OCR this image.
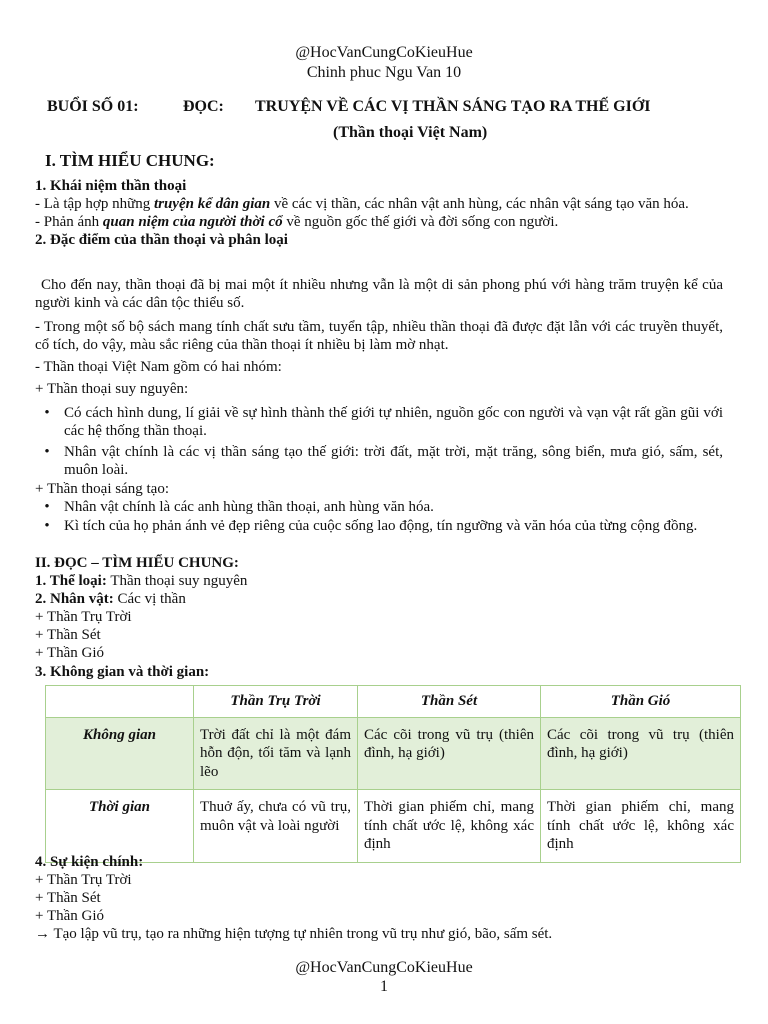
@HocVanCungCoKieuHue
Chinh phuc Ngu Van 10
BUỔI SỐ 01:	ĐỌC: TRUYỆN VỀ CÁC VỊ THẦN SÁNG TẠO RA THẾ GIỚI
(Thần thoại Việt Nam)
I. TÌM HIỂU CHUNG:
1. Khái niệm thần thoại
- Là tập hợp những truyện kể dân gian về các vị thần, các nhân vật anh hùng, các nhân vật sáng tạo văn hóa.
- Phản ánh quan niệm của người thời cổ về nguồn gốc thế giới và đời sống con người.
2. Đặc điểm của thần thoại và phân loại
Cho đến nay, thần thoại đã bị mai một ít nhiều nhưng vẫn là một di sản phong phú với hàng trăm truyện kể của người kinh và các dân tộc thiểu số.
- Trong một số bộ sách mang tính chất sưu tầm, tuyển tập, nhiều thần thoại đã được đặt lẫn với các truyền thuyết, cổ tích, do vậy, màu sắc riêng của thần thoại ít nhiều bị làm mờ nhạt.
- Thần thoại Việt Nam gồm có hai nhóm:
+ Thần thoại suy nguyên:
• Có cách hình dung, lí giải về sự hình thành thế giới tự nhiên, nguồn gốc con người và vạn vật rất gần gũi với các hệ thống thần thoại.
• Nhân vật chính là các vị thần sáng tạo thế giới: trời đất, mặt trời, mặt trăng, sông biển, mưa gió, sấm, sét, muôn loài.
+ Thần thoại sáng tạo:
• Nhân vật chính là các anh hùng thần thoại, anh hùng văn hóa.
• Kì tích của họ phản ánh vẻ đẹp riêng của cuộc sống lao động, tín ngưỡng và văn hóa của từng cộng đồng.
II. ĐỌC – TÌM HIỂU CHUNG:
1. Thể loại: Thần thoại suy nguyên
2. Nhân vật: Các vị thần
+ Thần Trụ Trời
+ Thần Sét
+ Thần Gió
3. Không gian và thời gian:
	Thần Trụ Trời	Thần Sét	Thần Gió
Không gian	Trời đất chỉ là một đám hỗn độn, tối tăm và lạnh lẽo	Các cõi trong vũ trụ (thiên đình, hạ giới)	Các cõi trong vũ trụ (thiên đình, hạ giới)
Thời gian	Thuở ấy, chưa có vũ trụ, muôn vật và loài người	Thời gian phiếm chỉ, mang tính chất ước lệ, không xác định	Thời gian phiếm chỉ, mang tính chất ước lệ, không xác định
4. Sự kiện chính:
+ Thần Trụ Trời
+ Thần Sét
+ Thần Gió
→ Tạo lập vũ trụ, tạo ra những hiện tượng tự nhiên trong vũ trụ như gió, bão, sấm sét.
@HocVanCungCoKieuHue
1
